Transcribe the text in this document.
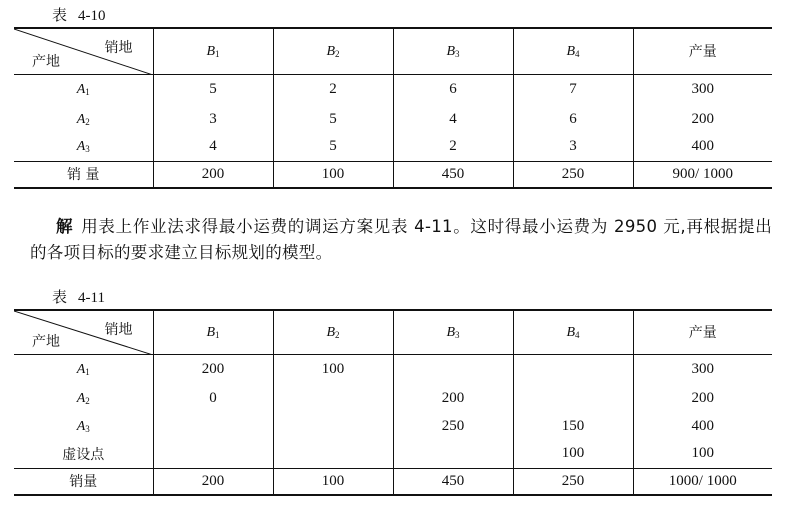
表 4-10
销地
产地	$B_1$	$B_2$	$B_3$	$B_4$	产量
$A_1$	5	2	6	7	300
$A_2$	3	5	4	6	200
$A_3$	4	5	2	3	400
销 量	200	100	450	250	900/ 1000
解 用表上作业法求得最小运费的调运方案见表 4-11。这时得最小运费为 2950 元,再根据提出的各项目标的要求建立目标规划的模型。
表 4-11
销地
产地	$B_1$	$B_2$	$B_3$	$B_4$	产量
$A_1$	200	100			300
$A_2$	0		200		200
$A_3$			250	150	400
虚设点				100	100
销量	200	100	450	250	1000/ 1000
